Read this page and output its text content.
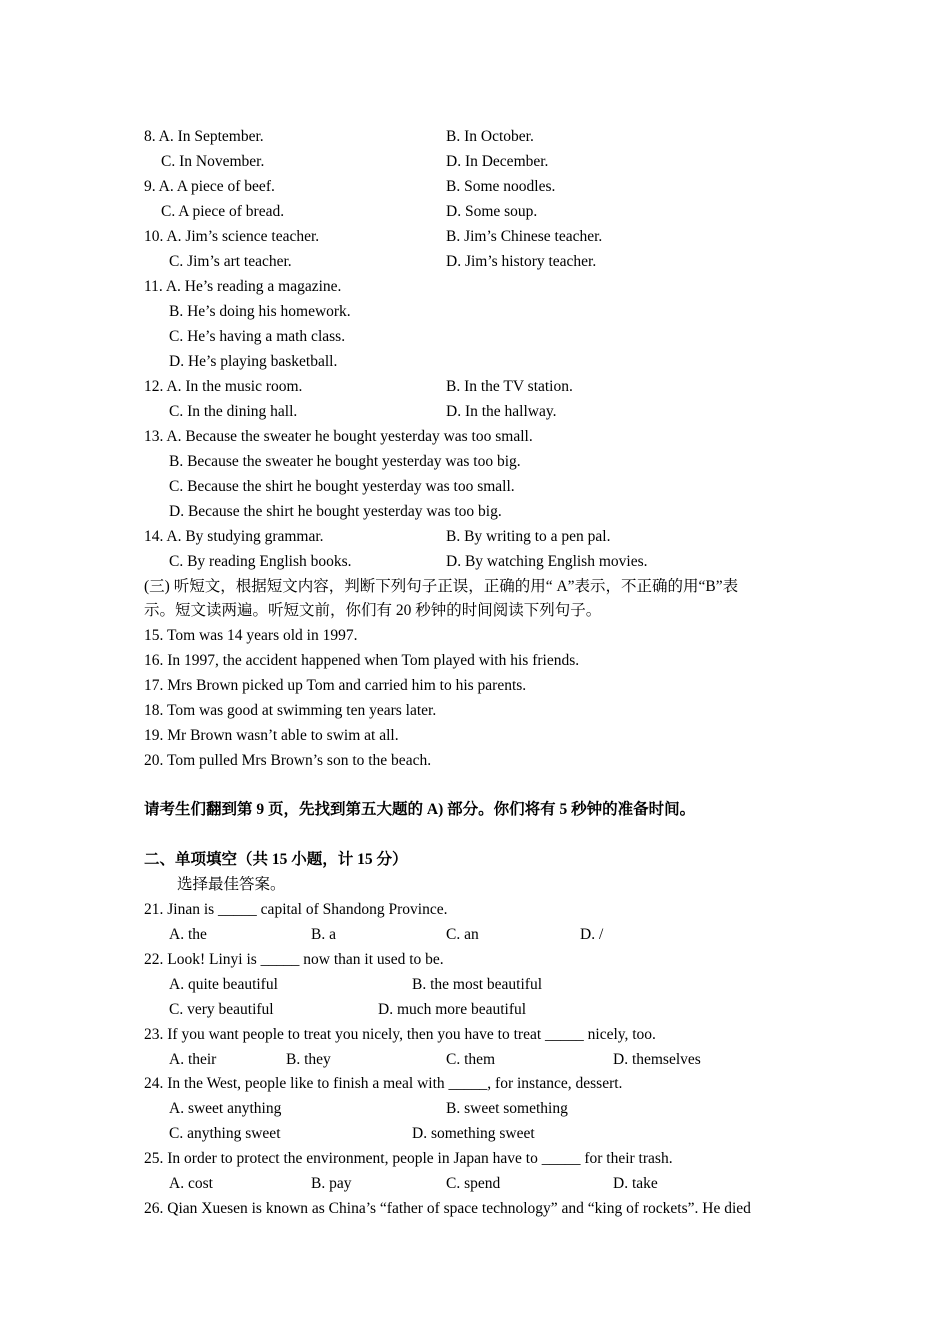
8. A. In September.	B. In October.
C. In November.	D. In December.
9. A. A piece of beef.	B. Some noodles.
C. A piece of bread.	D. Some soup.
10. A. Jim’s science teacher.	B. Jim’s Chinese teacher.
C. Jim’s art teacher.	D. Jim’s history teacher.
11. A. He’s reading a magazine.
B. He’s doing his homework.
C. He’s having a math class.
D. He’s playing basketball.
12. A. In the music room.	B. In the TV station.
C. In the dining hall.	D. In the hallway.
13. A. Because the sweater he bought yesterday was too small.
B. Because the sweater he bought yesterday was too big.
C. Because the shirt he bought yesterday was too small.
D. Because the shirt he bought yesterday was too big.
14. A. By studying grammar.	B. By writing to a pen pal.
C. By reading English books.	D. By watching English movies.
(三) 听短文，根据短文内容，判断下列句子正误，正确的用“ A”表示，不正确的用“B”表
示。短文读两遍。听短文前，你们有 20 秒钟的时间阅读下列句子。
15. Tom was 14 years old in 1997.
16. In 1997, the accident happened when Tom played with his friends.
17. Mrs Brown picked up Tom and carried him to his parents.
18. Tom was good at swimming ten years later.
19. Mr Brown wasn’t able to swim at all.
20. Tom pulled Mrs Brown’s son to the beach.
请考生们翻到第 9 页，先找到第五大题的 A) 部分。你们将有 5 秒钟的准备时间。
二、单项填空（共 15 小题，计 15 分）
选择最佳答案。
21. Jinan is _____ capital of Shandong Province.
A. the	B. a	C. an	D. /
22. Look! Linyi is _____ now than it used to be.
A. quite beautiful	B. the most beautiful
C. very beautiful	D. much more beautiful
23. If you want people to treat you nicely, then you have to treat _____ nicely, too.
A. their	B. they	C. them	D. themselves
24. In the West, people like to finish a meal with _____, for instance, dessert.
A. sweet anything	B. sweet something
C. anything sweet	D. something sweet
25. In order to protect the environment, people in Japan have to _____ for their trash.
A. cost	B. pay	C. spend	D. take
26. Qian Xuesen is known as China’s “father of space technology” and “king of rockets”. He died
